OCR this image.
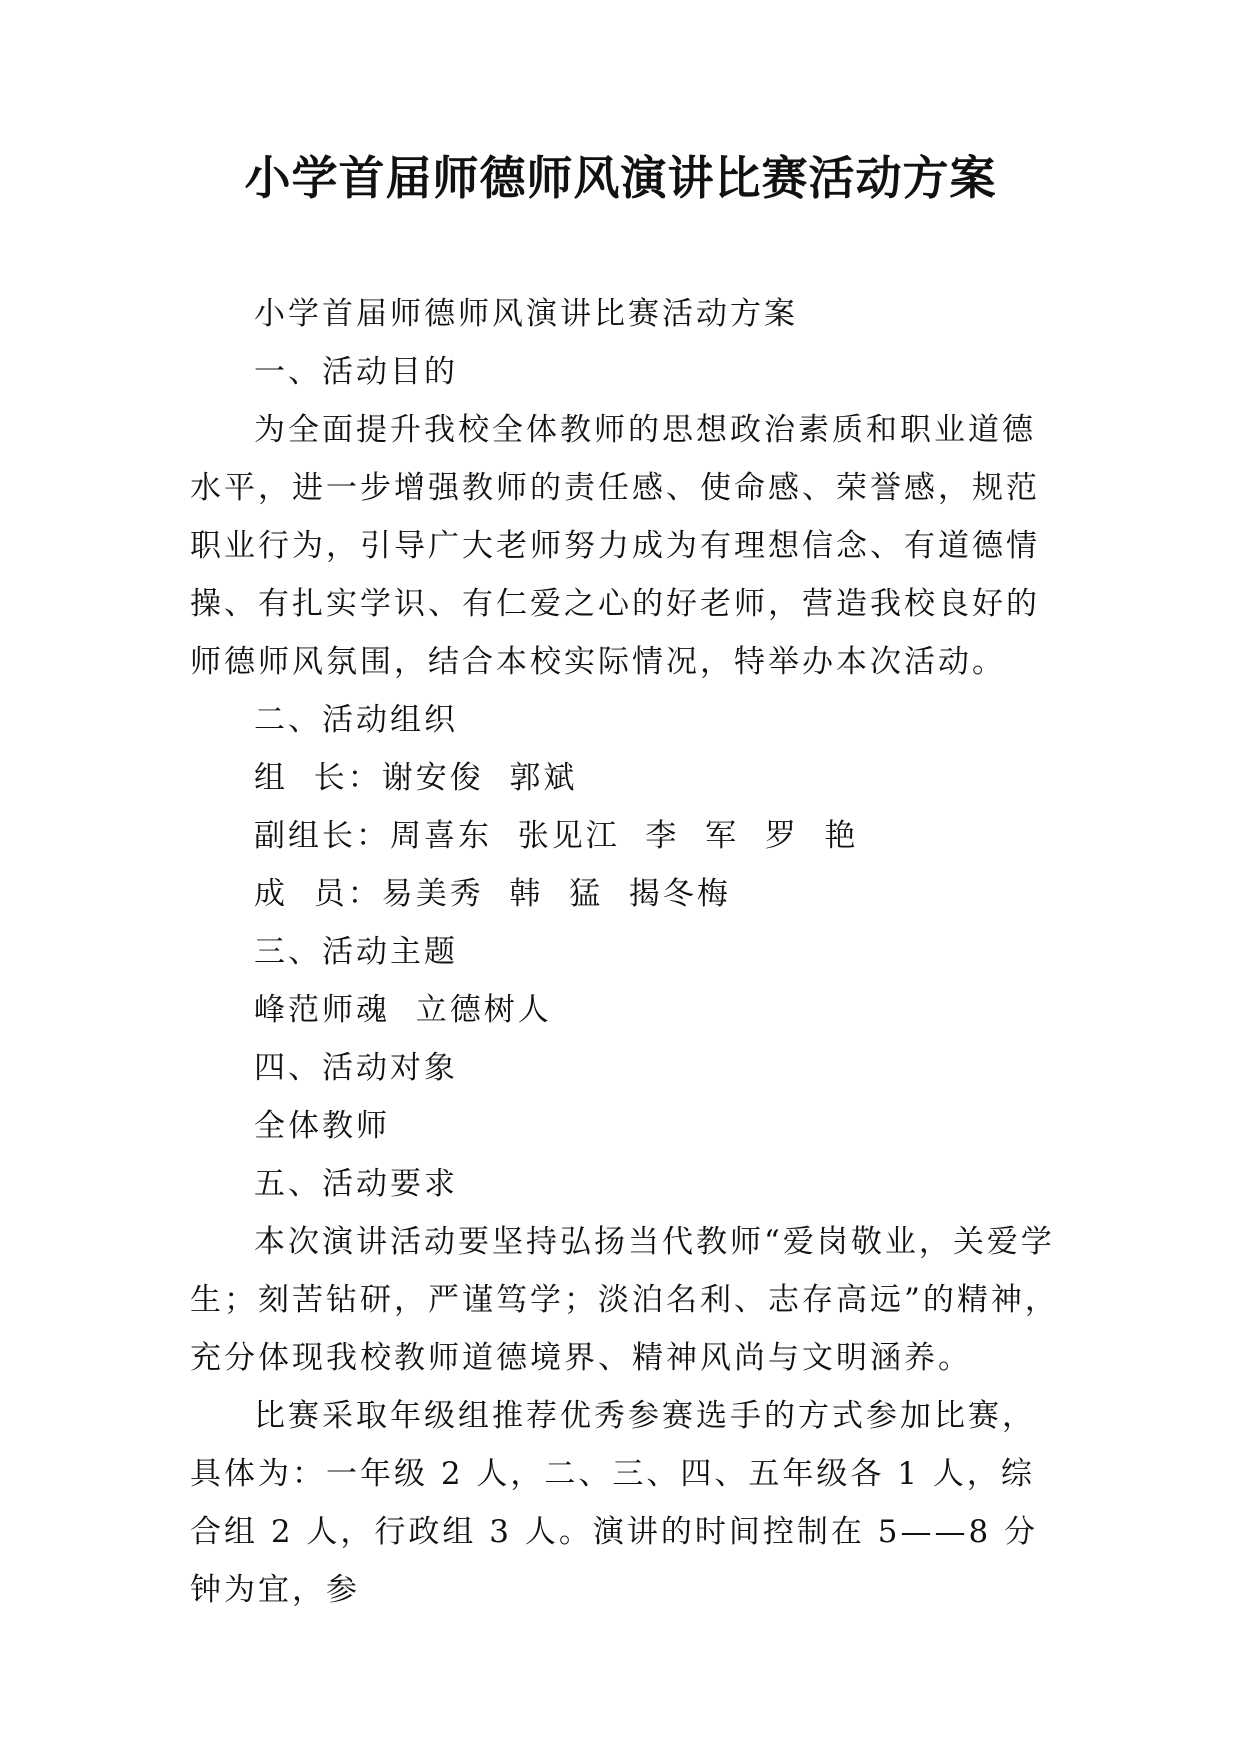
小学首届师德师风演讲比赛活动方案

小学首届师德师风演讲比赛活动方案

一、活动目的

为全面提升我校全体教师的思想政治素质和职业道德水平，进一步增强教师的责任感、使命感、荣誉感，规范职业行为，引导广大老师努力成为有理想信念、有道德情操、有扎实学识、有仁爱之心的好老师，营造我校良好的师德师风氛围，结合本校实际情况，特举办本次活动。

二、活动组织

组  长：谢安俊  郭斌

副组长：周喜东  张见江  李  军  罗  艳

成  员：易美秀  韩  猛  揭冬梅

三、活动主题

峰范师魂  立德树人

四、活动对象

全体教师

五、活动要求

本次演讲活动要坚持弘扬当代教师“爱岗敬业，关爱学生；刻苦钻研，严谨笃学；淡泊名利、志存高远”的精神，充分体现我校教师道德境界、精神风尚与文明涵养。

比赛采取年级组推荐优秀参赛选手的方式参加比赛，具体为：一年级 2 人，二、三、四、五年级各 1 人，综合组 2 人，行政组 3 人。演讲的时间控制在 5——8 分钟为宜，参
